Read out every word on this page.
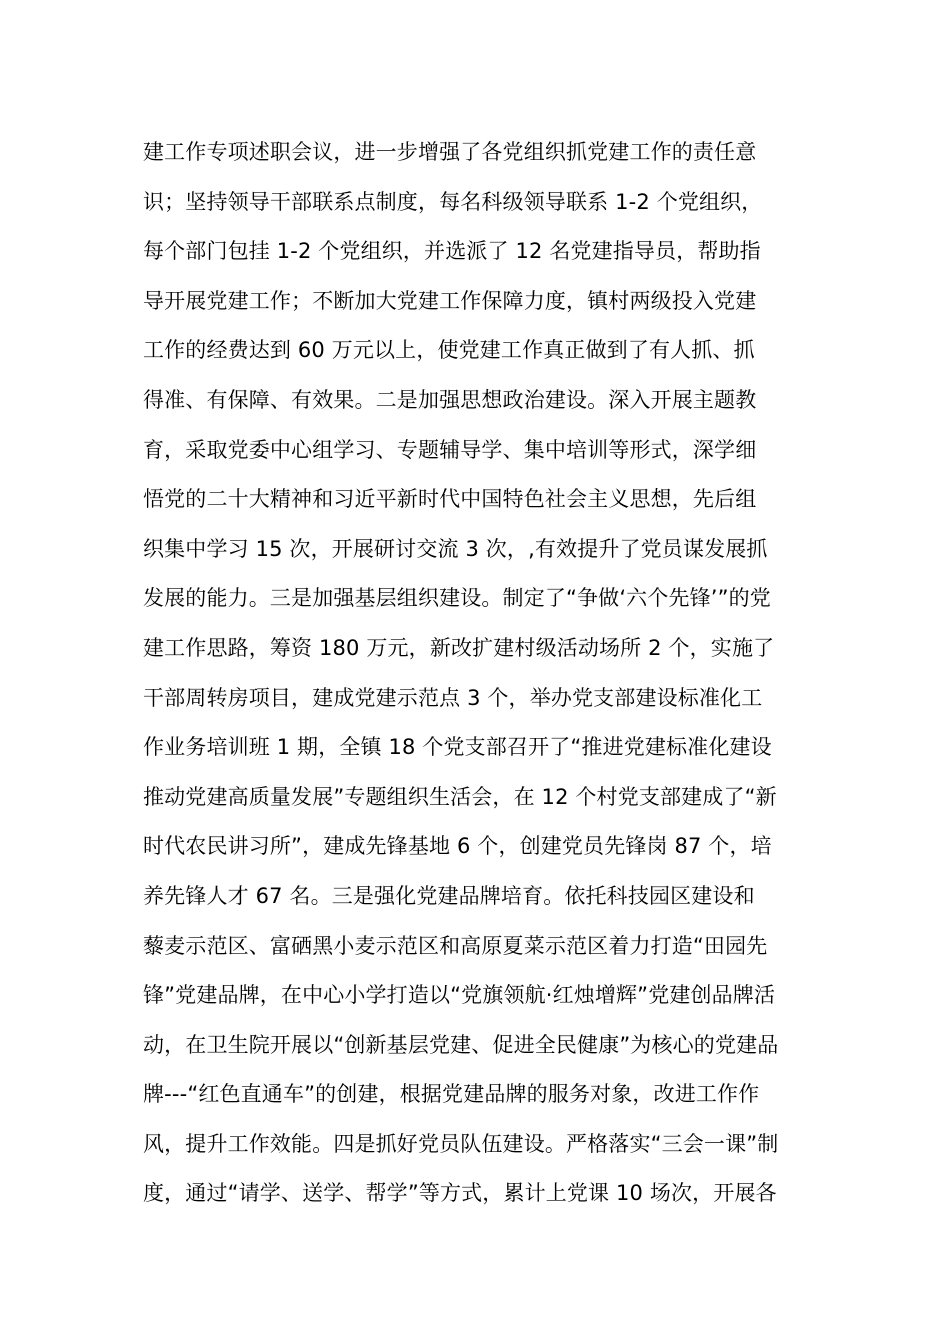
建工作专项述职会议，进一步增强了各党组织抓党建工作的责任意
识；坚持领导干部联系点制度，每名科级领导联系 1-2 个党组织，
每个部门包挂 1-2 个党组织，并选派了 12 名党建指导员，帮助指
导开展党建工作；不断加大党建工作保障力度，镇村两级投入党建
工作的经费达到 60 万元以上，使党建工作真正做到了有人抓、抓
得准、有保障、有效果。二是加强思想政治建设。深入开展主题教
育，采取党委中心组学习、专题辅导学、集中培训等形式，深学细
悟党的二十大精神和习近平新时代中国特色社会主义思想，先后组
织集中学习 15 次，开展研讨交流 3 次，,有效提升了党员谋发展抓
发展的能力。三是加强基层组织建设。制定了“争做‘六个先锋’”的党
建工作思路，筹资 180 万元，新改扩建村级活动场所 2 个，实施了
干部周转房项目，建成党建示范点 3 个，举办党支部建设标准化工
作业务培训班 1 期，全镇 18 个党支部召开了“推进党建标准化建设
推动党建高质量发展”专题组织生活会，在 12 个村党支部建成了“新
时代农民讲习所”，建成先锋基地 6 个，创建党员先锋岗 87 个，培
养先锋人才 67 名。三是强化党建品牌培育。依托科技园区建设和
藜麦示范区、富硒黑小麦示范区和高原夏菜示范区着力打造“田园先
锋”党建品牌，在中心小学打造以“党旗领航·红烛增辉”党建创品牌活
动，在卫生院开展以“创新基层党建、促进全民健康”为核心的党建品
牌---“红色直通车”的创建，根据党建品牌的服务对象，改进工作作
风，提升工作效能。四是抓好党员队伍建设。严格落实“三会一课”制
度，通过“请学、送学、帮学”等方式，累计上党课 10 场次，开展各
